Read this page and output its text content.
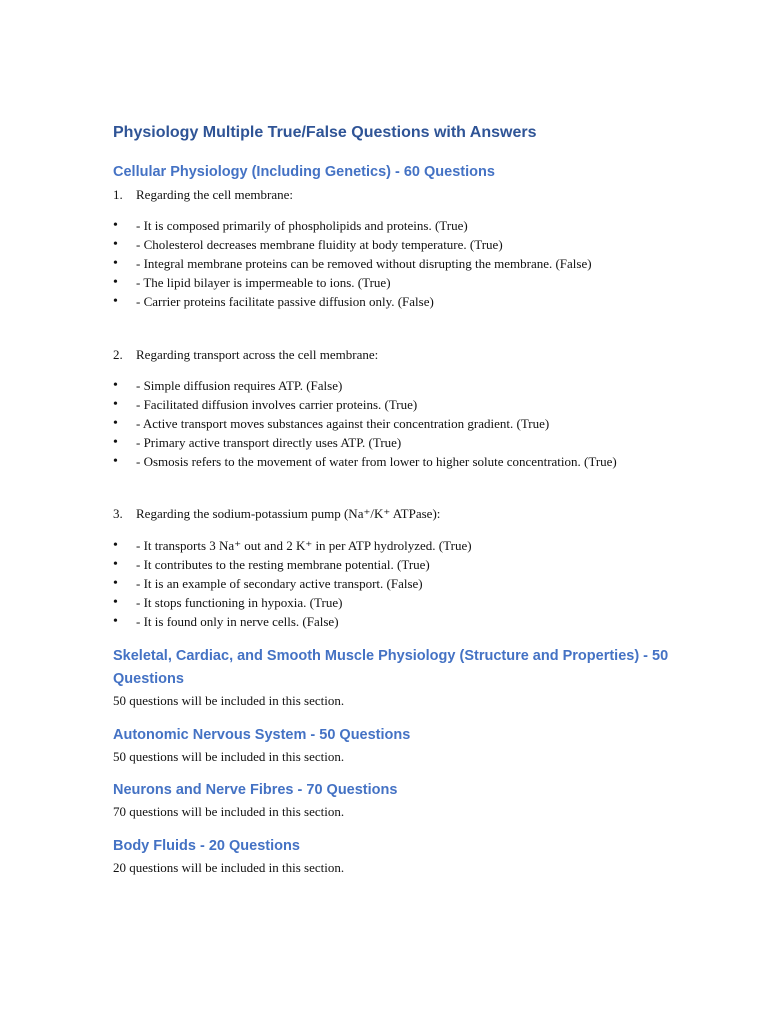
Physiology Multiple True/False Questions with Answers
Cellular Physiology (Including Genetics) - 60 Questions
1. Regarding the cell membrane:
• - It is composed primarily of phospholipids and proteins. (True)
• - Cholesterol decreases membrane fluidity at body temperature. (True)
• - Integral membrane proteins can be removed without disrupting the membrane. (False)
• - The lipid bilayer is impermeable to ions. (True)
• - Carrier proteins facilitate passive diffusion only. (False)
2. Regarding transport across the cell membrane:
• - Simple diffusion requires ATP. (False)
• - Facilitated diffusion involves carrier proteins. (True)
• - Active transport moves substances against their concentration gradient. (True)
• - Primary active transport directly uses ATP. (True)
• - Osmosis refers to the movement of water from lower to higher solute concentration. (True)
3. Regarding the sodium-potassium pump (Na⁺/K⁺ ATPase):
• - It transports 3 Na⁺ out and 2 K⁺ in per ATP hydrolyzed. (True)
• - It contributes to the resting membrane potential. (True)
• - It is an example of secondary active transport. (False)
• - It stops functioning in hypoxia. (True)
• - It is found only in nerve cells. (False)
Skeletal, Cardiac, and Smooth Muscle Physiology (Structure and Properties) - 50 Questions
50 questions will be included in this section.
Autonomic Nervous System - 50 Questions
50 questions will be included in this section.
Neurons and Nerve Fibres - 70 Questions
70 questions will be included in this section.
Body Fluids - 20 Questions
20 questions will be included in this section.
